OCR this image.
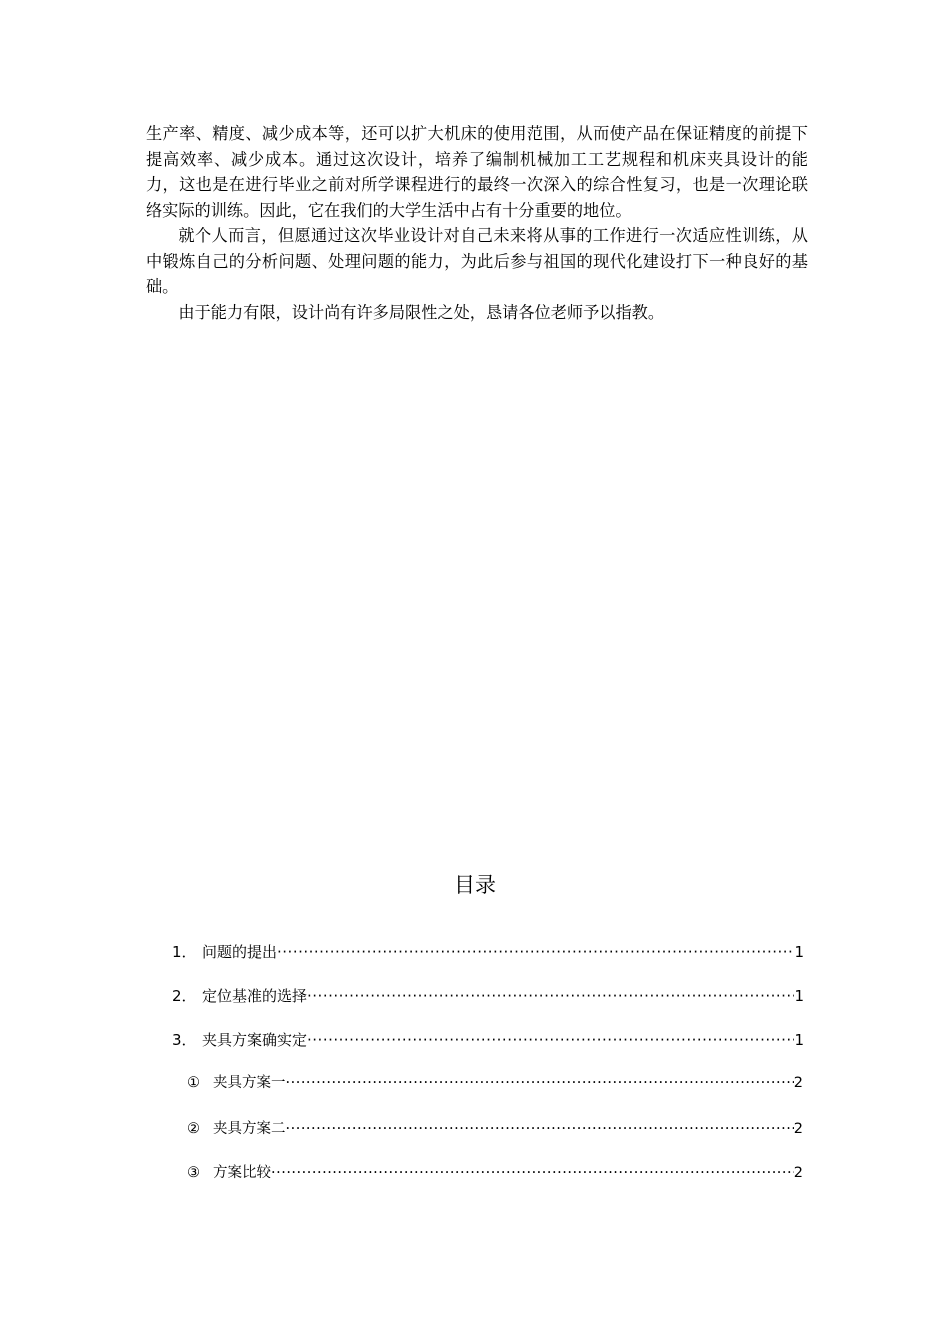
生产率、精度、减少成本等，还可以扩大机床的使用范围，从而使产品在保证精度的前提下提高效率、减少成本。通过这次设计，培养了编制机械加工工艺规程和机床夹具设计的能力，这也是在进行毕业之前对所学课程进行的最终一次深入的综合性复习，也是一次理论联络实际的训练。因此，它在我们的大学生活中占有十分重要的地位。

就个人而言，但愿通过这次毕业设计对自己未来将从事的工作进行一次适应性训练，从中锻炼自己的分析问题、处理问题的能力，为此后参与祖国的现代化建设打下一种良好的基础。

由于能力有限，设计尚有许多局限性之处，恳请各位老师予以指教。

目录
1． 问题的提出 ·····	1
2． 定位基准的选择 ·····	1
3． 夹具方案确实定 ·····	1
① 夹具方案一 ·····	2
② 夹具方案二 ·····	2
③ 方案比较 ·····	2
